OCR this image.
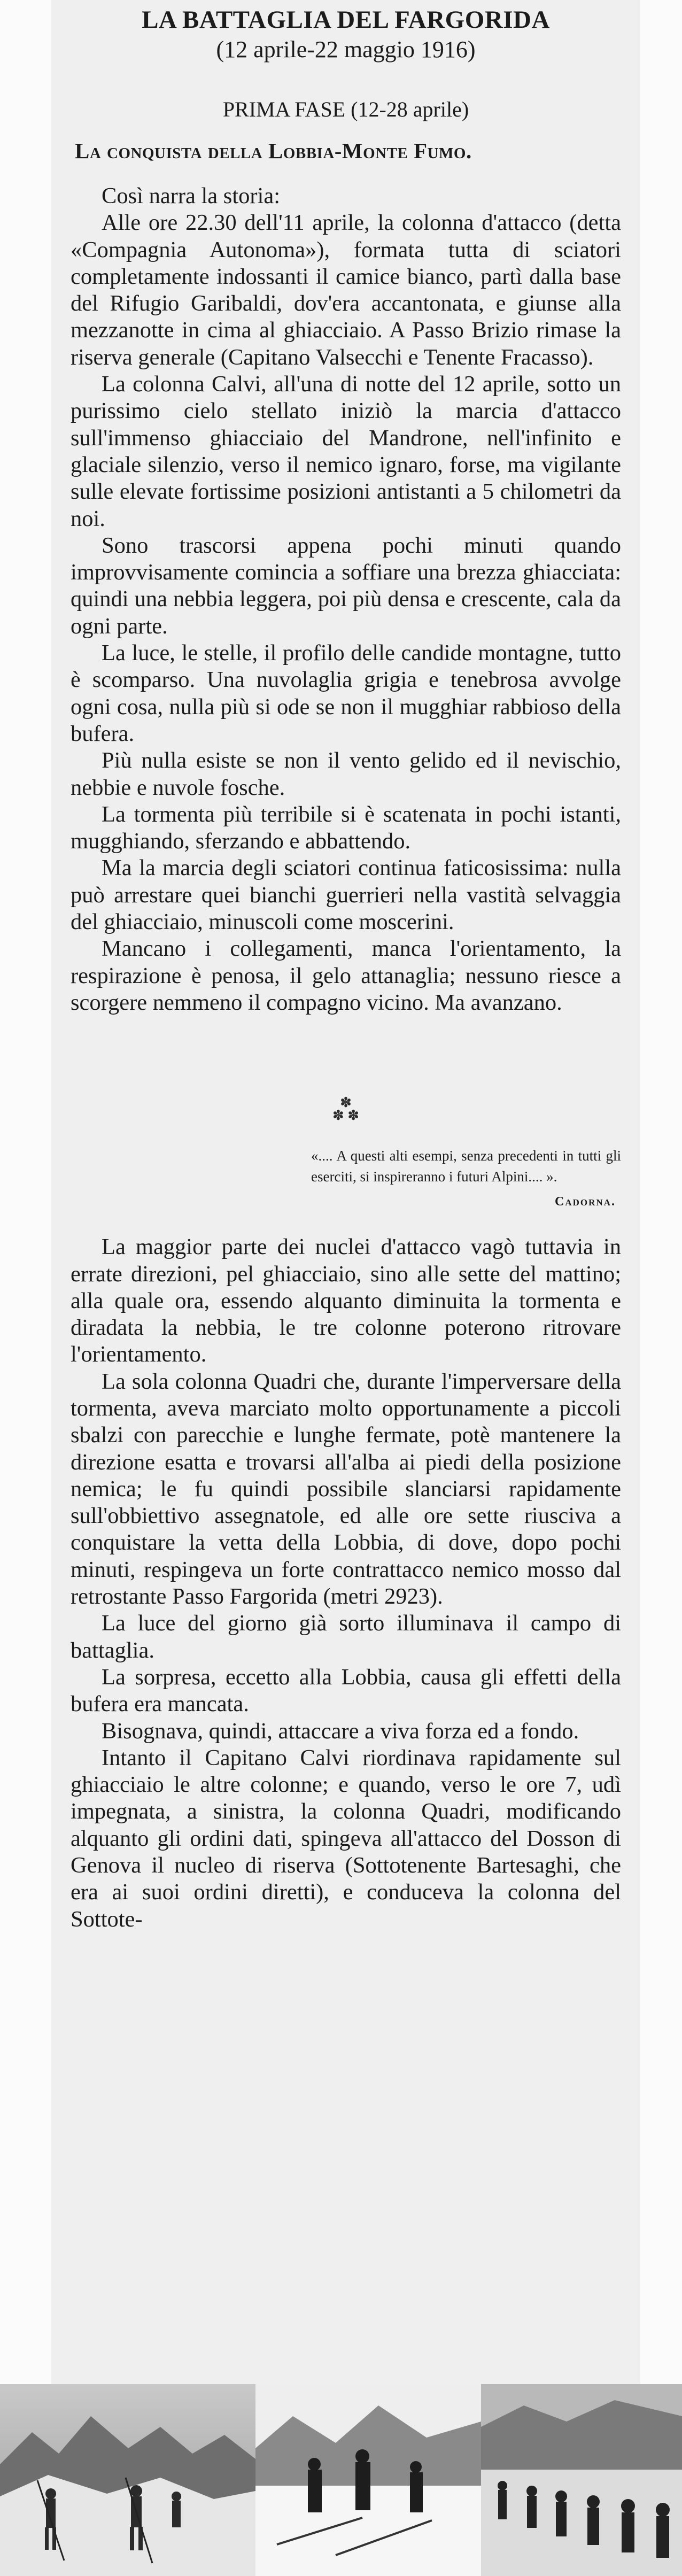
LA BATTAGLIA DEL FARGORIDA
(12 aprile-22 maggio 1916)
PRIMA FASE (12-28 aprile)
La conquista della Lobbia-Monte Fumo.

Così narra la storia:

Alle ore 22.30 dell'11 aprile, la colonna d'attacco (detta «Compagnia Autonoma»), formata tutta di sciatori completamente indossanti il camice bianco, partì dalla base del Rifugio Garibaldi, dov'era accantonata, e giunse alla mezzanotte in cima al ghiacciaio. A Passo Brizio rimase la riserva generale (Capitano Valsecchi e Tenente Fracasso).

La colonna Calvi, all'una di notte del 12 aprile, sotto un purissimo cielo stellato iniziò la marcia d'attacco sull'immenso ghiacciaio del Mandrone, nell'infinito e glaciale silenzio, verso il nemico ignaro, forse, ma vigilante sulle elevate fortissime posizioni antistanti a 5 chilometri da noi.

Sono trascorsi appena pochi minuti quando improvvisamente comincia a soffiare una brezza ghiacciata: quindi una nebbia leggera, poi più densa e crescente, cala da ogni parte.

La luce, le stelle, il profilo delle candide montagne, tutto è scomparso. Una nuvolaglia grigia e tenebrosa avvolge ogni cosa, nulla più si ode se non il mugghiar rabbioso della bufera.

Più nulla esiste se non il vento gelido ed il nevischio, nebbie e nuvole fosche.

La tormenta più terribile si è scatenata in pochi istanti, mugghiando, sferzando e abbattendo.

Ma la marcia degli sciatori continua faticosissima: nulla può arrestare quei bianchi guerrieri nella vastità selvaggia del ghiacciaio, minuscoli come moscerini.

Mancano i collegamenti, manca l'orientamento, la respirazione è penosa, il gelo attanaglia; nessuno riesce a scorgere nemmeno il compagno vicino. Ma avanzano.

✽
✽ ✽
«.... A questi alti esempi, senza precedenti in tutti gli eserciti, si inspireranno i futuri Alpini.... ».
Cadorna.

La maggior parte dei nuclei d'attacco vagò tuttavia in errate direzioni, pel ghiacciaio, sino alle sette del mattino; alla quale ora, essendo alquanto diminuita la tormenta e diradata la nebbia, le tre colonne poterono ritrovare l'orientamento.

La sola colonna Quadri che, durante l'imperversare della tormenta, aveva marciato molto opportunamente a piccoli sbalzi con parecchie e lunghe fermate, potè mantenere la direzione esatta e trovarsi all'alba ai piedi della posizione nemica; le fu quindi possibile slanciarsi rapidamente sull'obbiettivo assegnatole, ed alle ore sette riusciva a conquistare la vetta della Lobbia, di dove, dopo pochi minuti, respingeva un forte contrattacco nemico mosso dal retrostante Passo Fargorida (metri 2923).

La luce del giorno già sorto illuminava il campo di battaglia.

La sorpresa, eccetto alla Lobbia, causa gli effetti della bufera era mancata.

Bisognava, quindi, attaccare a viva forza ed a fondo.

Intanto il Capitano Calvi riordinava rapidamente sul ghiacciaio le altre colonne; e quando, verso le ore 7, udì impegnata, a sinistra, la colonna Quadri, modificando alquanto gli ordini dati, spingeva all'attacco del Dosson di Genova il nucleo di riserva (Sottotenente Bartesaghi, che era ai suoi ordini diretti), e conduceva la colonna del Sottote-
